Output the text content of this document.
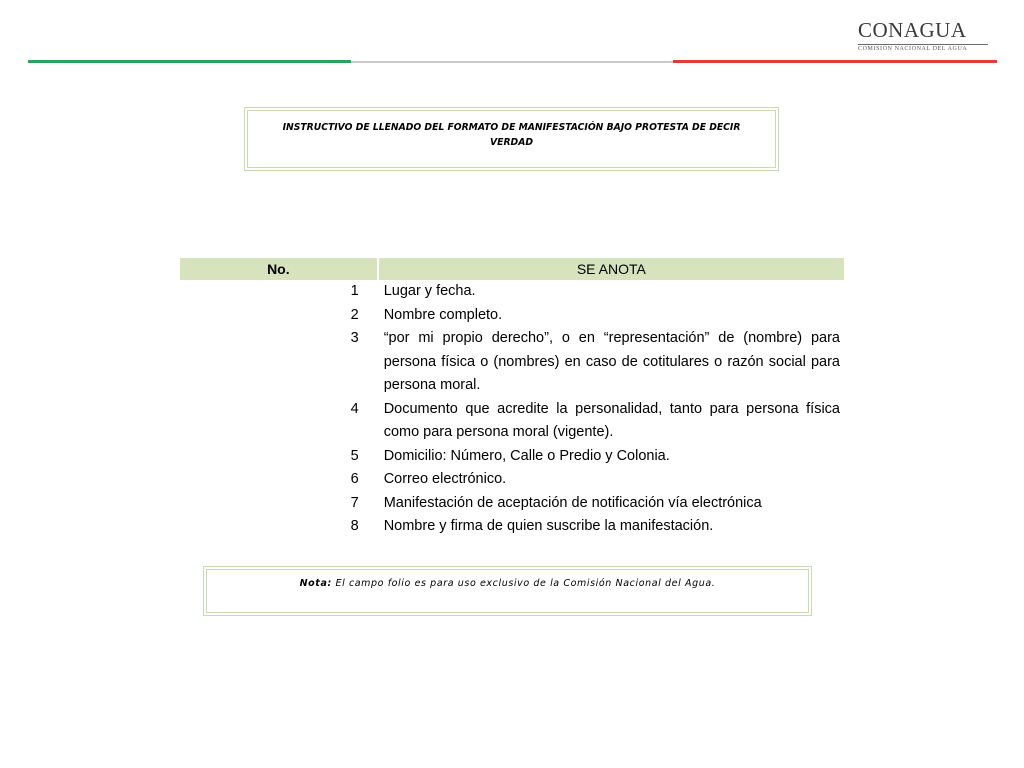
CONAGUA
COMISIÓN NACIONAL DEL AGUA
INSTRUCTIVO DE LLENADO DEL FORMATO DE MANIFESTACIÓN BAJO PROTESTA DE DECIR VERDAD
No.	SE ANOTA
1	Lugar y fecha.
2	Nombre completo.
3	“por mi propio derecho”, o en “representación” de (nombre) para persona física o (nombres) en caso de cotitulares o razón social para persona moral.
4	Documento que acredite la personalidad, tanto para persona física como para persona moral (vigente).
5	Domicilio: Número, Calle o Predio y Colonia.
6	Correo electrónico.
7	Manifestación de aceptación de notificación vía electrónica
8	Nombre y firma de quien suscribe la manifestación.
Nota: El campo folio es para uso exclusivo de la Comisión Nacional del Agua.
